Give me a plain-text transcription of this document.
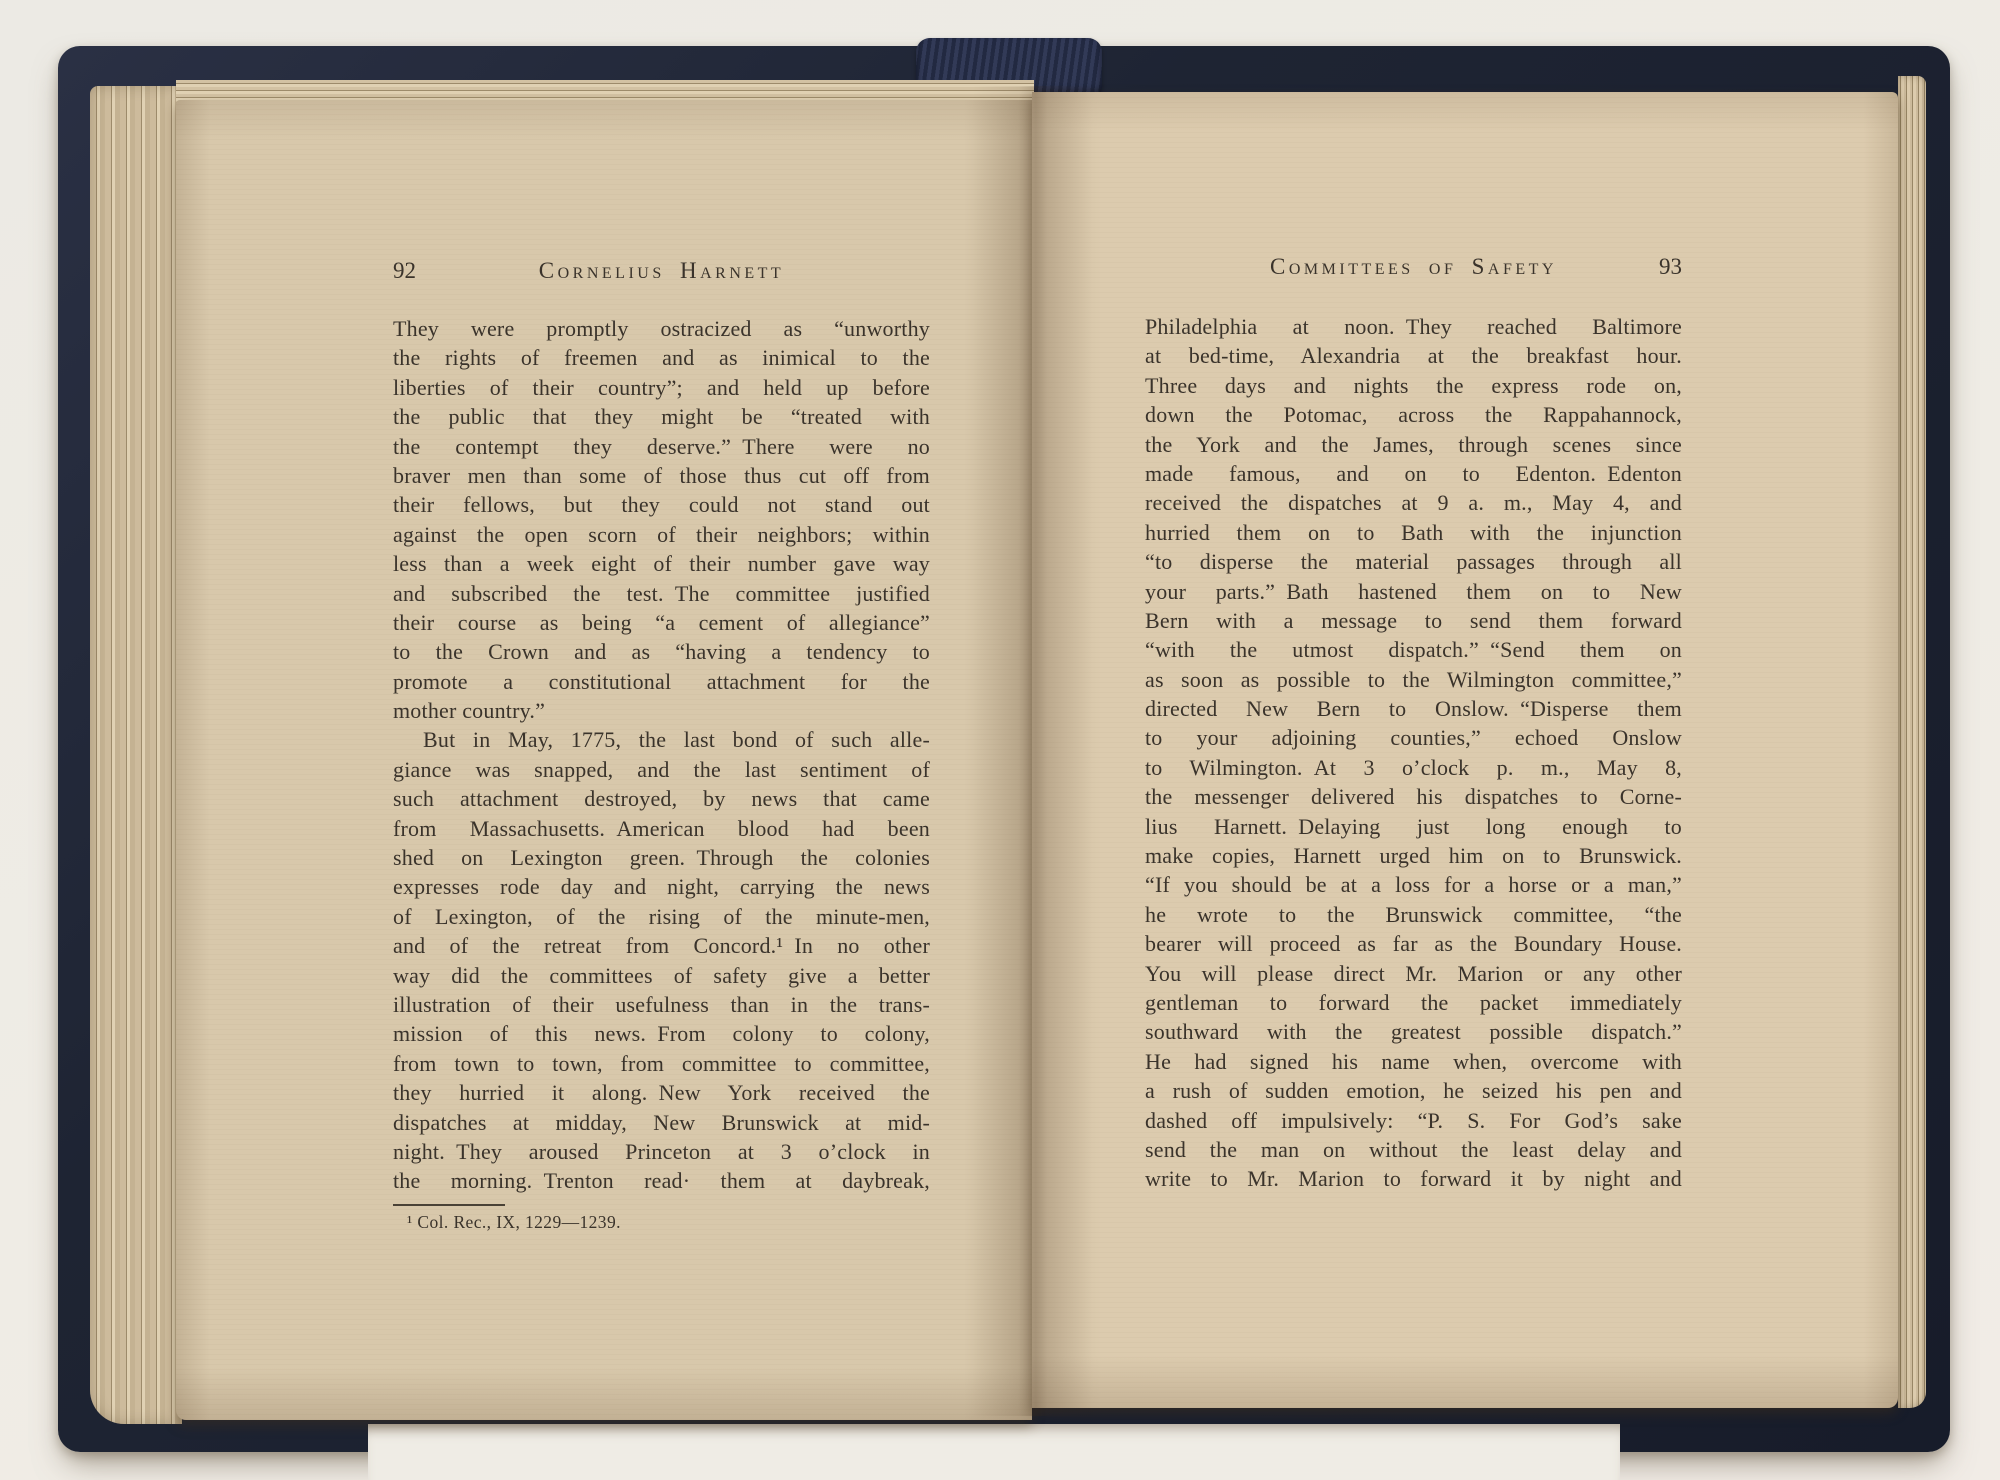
92	Cornelius Harnett
They were promptly ostracized as “unworthy
the rights of freemen and as inimical to the
liberties of their country”; and held up before
the public that they might be “treated with
the contempt they deserve.” There were no
braver men than some of those thus cut off from
their fellows, but they could not stand out
against the open scorn of their neighbors; within
less than a week eight of their number gave way
and subscribed the test. The committee justified
their course as being “a cement of allegiance”
to the Crown and as “having a tendency to
promote a constitutional attachment for the
mother country.”
But in May, 1775, the last bond of such alle-
giance was snapped, and the last sentiment of
such attachment destroyed, by news that came
from Massachusetts. American blood had been
shed on Lexington green. Through the colonies
expresses rode day and night, carrying the news
of Lexington, of the rising of the minute-men,
and of the retreat from Concord.¹ In no other
way did the committees of safety give a better
illustration of their usefulness than in the trans-
mission of this news. From colony to colony,
from town to town, from committee to committee,
they hurried it along. New York received the
dispatches at midday, New Brunswick at mid-
night. They aroused Princeton at 3 o’clock in
the morning. Trenton read· them at daybreak,
¹ Col. Rec., IX, 1229—1239.
Committees of Safety	93
Philadelphia at noon. They reached Baltimore
at bed-time, Alexandria at the breakfast hour.
Three days and nights the express rode on,
down the Potomac, across the Rappahannock,
the York and the James, through scenes since
made famous, and on to Edenton. Edenton
received the dispatches at 9 a. m., May 4, and
hurried them on to Bath with the injunction
“to disperse the material passages through all
your parts.” Bath hastened them on to New
Bern with a message to send them forward
“with the utmost dispatch.” “Send them on
as soon as possible to the Wilmington committee,”
directed New Bern to Onslow. “Disperse them
to your adjoining counties,” echoed Onslow
to Wilmington. At 3 o’clock p. m., May 8,
the messenger delivered his dispatches to Corne-
lius Harnett. Delaying just long enough to
make copies, Harnett urged him on to Brunswick.
“If you should be at a loss for a horse or a man,”
he wrote to the Brunswick committee, “the
bearer will proceed as far as the Boundary House.
You will please direct Mr. Marion or any other
gentleman to forward the packet immediately
southward with the greatest possible dispatch.”
He had signed his name when, overcome with
a rush of sudden emotion, he seized his pen and
dashed off impulsively: “P. S. For God’s sake
send the man on without the least delay and
write to Mr. Marion to forward it by night and
